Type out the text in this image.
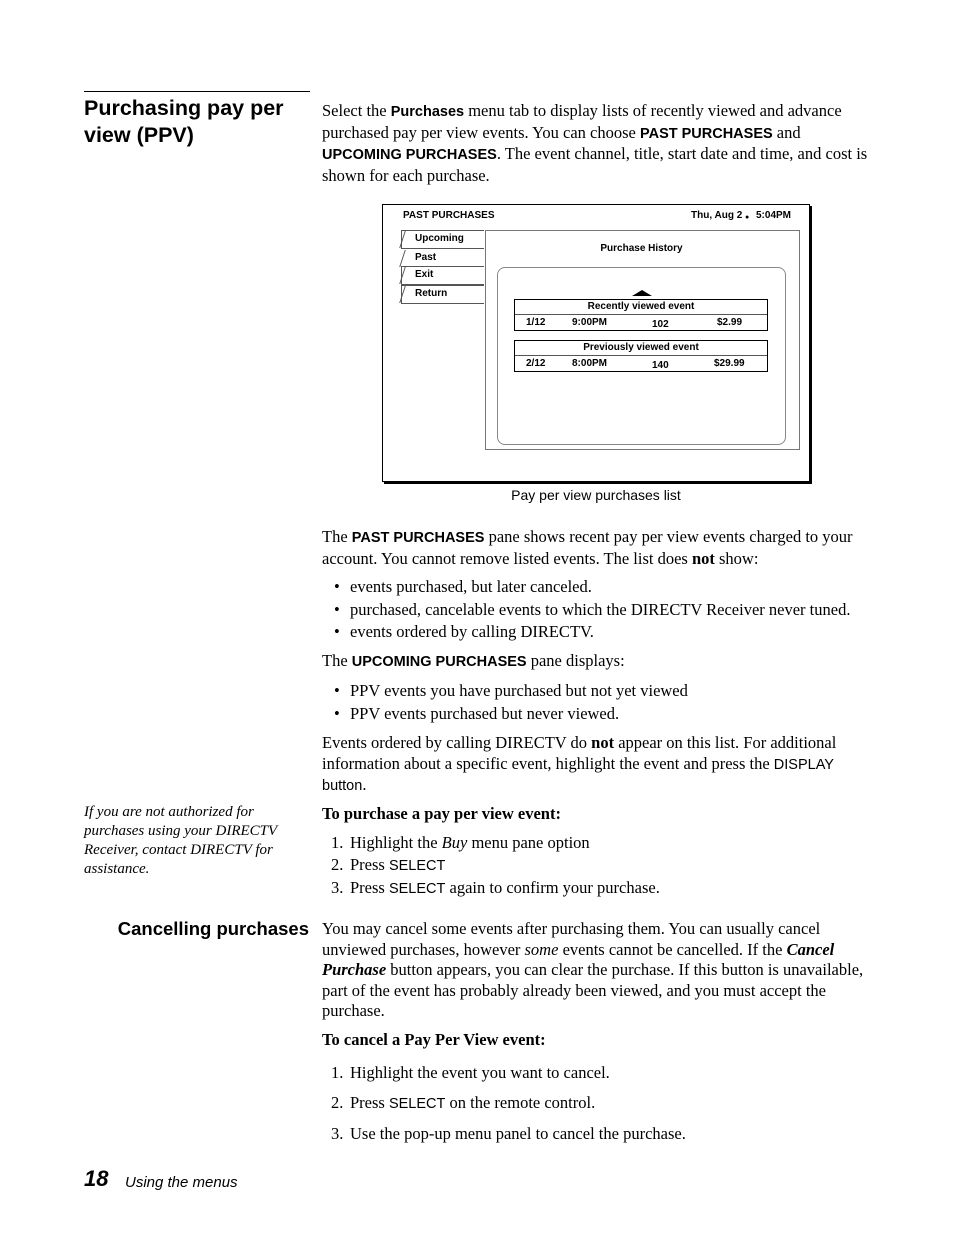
Purchasing pay per view (PPV)
Select the Purchases menu tab to display lists of recently viewed and advance purchased pay per view events. You can choose PAST PURCHASES and UPCOMING PURCHASES. The event channel, title, start date and time, and cost is shown for each purchase.
PAST PURCHASES	Thu, Aug 2 ● 5:04PM
Purchase History
Upcoming
Past
Exit
Return
Recently viewed event
1/12	9:00PM	102	$2.99
Previously viewed event
2/12	8:00PM	140	$29.99
Pay per view purchases list
The PAST PURCHASES pane shows recent pay per view events charged to your account. You cannot remove listed events. The list does not show:
• events purchased, but later canceled.
• purchased, cancelable events to which the DIRECTV Receiver never tuned.
• events ordered by calling DIRECTV.
The UPCOMING PURCHASES pane displays:
• PPV events you have purchased but not yet viewed
• PPV events purchased but never viewed.
Events ordered by calling DIRECTV do not appear on this list. For additional information about a specific event, highlight the event and press the DISPLAY button.
If you are not authorized for purchases using your DIRECTV Receiver, contact DIRECTV for assistance.
To purchase a pay per view event:
1. Highlight the Buy menu pane option
2. Press SELECT
3. Press SELECT again to confirm your purchase.
Cancelling purchases You may cancel some events after purchasing them. You can usually cancel unviewed purchases, however some events cannot be cancelled. If the Cancel Purchase button appears, you can clear the purchase. If this button is unavailable, part of the event has probably already been viewed, and you must accept the purchase.
To cancel a Pay Per View event:
1. Highlight the event you want to cancel.
2. Press SELECT on the remote control.
3. Use the pop-up menu panel to cancel the purchase.
18 Using the menus
